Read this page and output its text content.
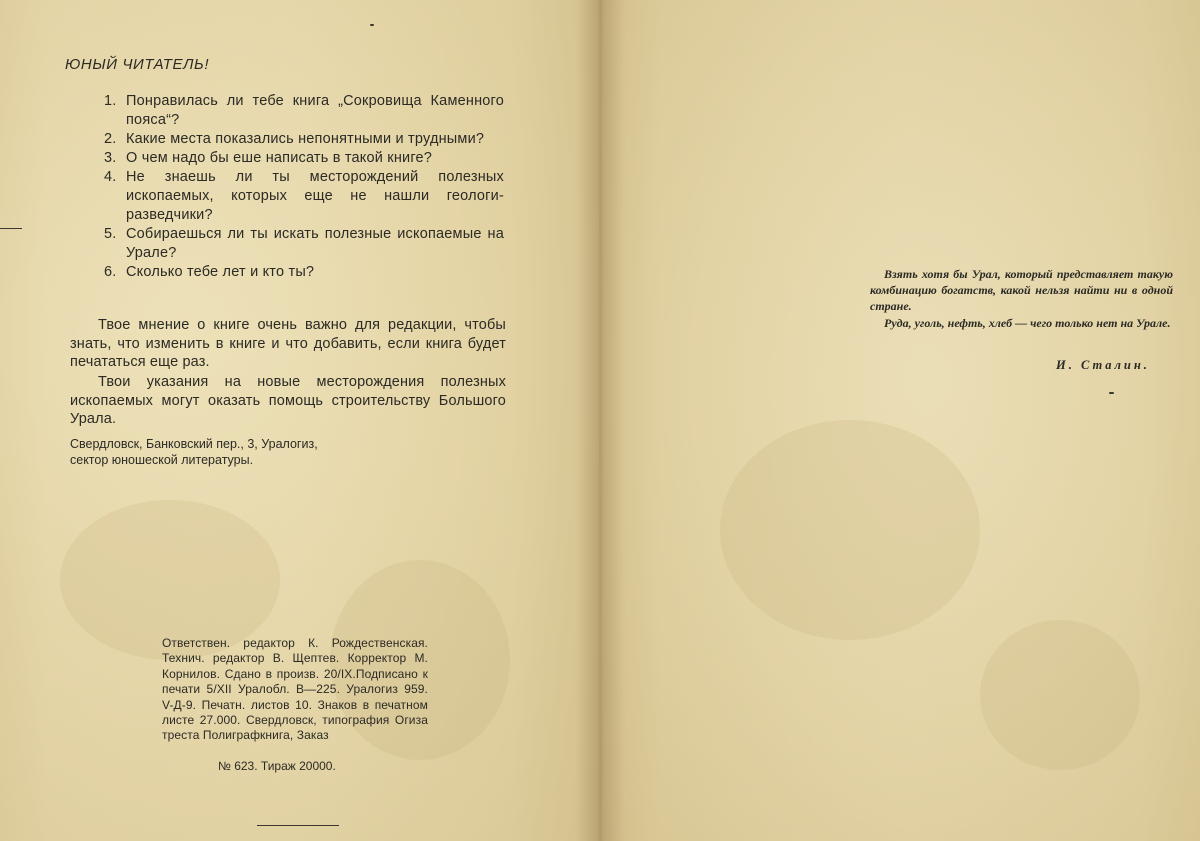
ЮНЫЙ ЧИТАТЕЛЬ!
1. Понравилась ли тебе книга „Сокровища Каменного пояса“?
2. Какие места показались непонятными и трудными?
3. О чем надо бы еше написать в такой книге?
4. Не знаешь ли ты месторождений полезных ископаемых, которых еще не нашли геологи-разведчики?
5. Собираешься ли ты искать полезные ископаемые на Урале?
6. Сколько тебе лет и кто ты?

Твое мнение о книге очень важно для редакции, чтобы знать, что изменить в книге и что добавить, если книга будет печататься еще раз.

Твои указания на новые месторождения полезных ископаемых могут оказать помощь строительству Большого Урала.

Свердловск, Банковский пер., 3, Уралогиз,
сектор юношеской литературы.
Ответствен. редактор К. Рождественская. Технич. редактор В. Щептев. Корректор М. Корнилов. Сдано в произв. 20/IX.Подписано к печати 5/XII Уралобл. В—225. Уралогиз 959. V-Д-9. Печатн. листов 10. Знаков в печатном листе 27.000. Свердловск, типография Огиза треста Полиграфкнига, Заказ
№ 623. Тираж 20000.

Взять хотя бы Урал, который представляет такую комбинацию богатств, какой нельзя найти ни в одной стране.

Руда, уголь, нефть, хлеб — чего только нет на Урале.

И. Сталин.
